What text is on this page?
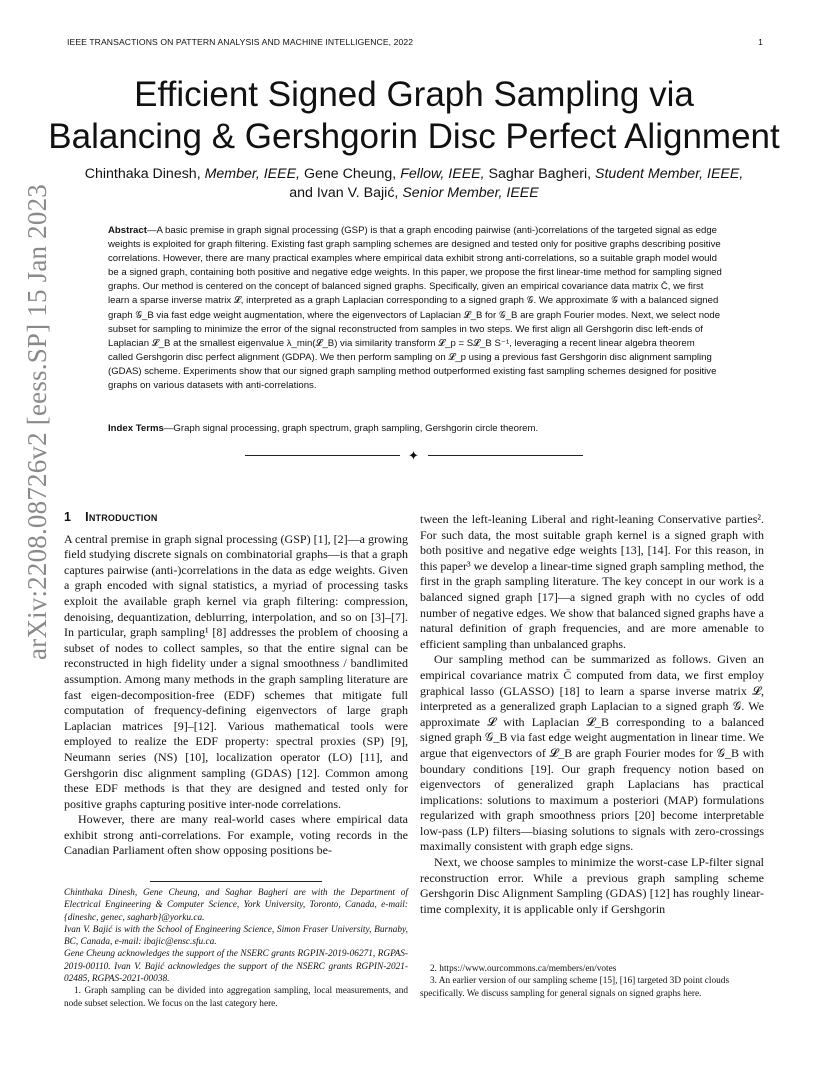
IEEE TRANSACTIONS ON PATTERN ANALYSIS AND MACHINE INTELLIGENCE, 2022	1
arXiv:2208.08726v2 [eess.SP] 15 Jan 2023
Efficient Signed Graph Sampling via
Balancing & Gershgorin Disc Perfect Alignment
Chinthaka Dinesh, Member, IEEE, Gene Cheung, Fellow, IEEE, Saghar Bagheri, Student Member, IEEE,
and Ivan V. Bajić, Senior Member, IEEE
Abstract—A basic premise in graph signal processing (GSP) is that a graph encoding pairwise (anti-)correlations of the targeted signal as edge weights is exploited for graph filtering. Existing fast graph sampling schemes are designed and tested only for positive graphs describing positive correlations. However, there are many practical examples where empirical data exhibit strong anti-correlations, so a suitable graph model would be a signed graph, containing both positive and negative edge weights. In this paper, we propose the first linear-time method for sampling signed graphs. Our method is centered on the concept of balanced signed graphs. Specifically, given an empirical covariance data matrix C̄, we first learn a sparse inverse matrix 𝓛, interpreted as a graph Laplacian corresponding to a signed graph 𝒢. We approximate 𝒢 with a balanced signed graph 𝒢_B via fast edge weight augmentation, where the eigenvectors of Laplacian 𝓛_B for 𝒢_B are graph Fourier modes. Next, we select node subset for sampling to minimize the error of the signal reconstructed from samples in two steps. We first align all Gershgorin disc left-ends of Laplacian 𝓛_B at the smallest eigenvalue λ_min(𝓛_B) via similarity transform 𝓛_p = S𝓛_B S⁻¹, leveraging a recent linear algebra theorem called Gershgorin disc perfect alignment (GDPA). We then perform sampling on 𝓛_p using a previous fast Gershgorin disc alignment sampling (GDAS) scheme. Experiments show that our signed graph sampling method outperformed existing fast sampling schemes designed for positive graphs on various datasets with anti-correlations.
Index Terms—Graph signal processing, graph spectrum, graph sampling, Gershgorin circle theorem.
✦
1 Introduction

A central premise in graph signal processing (GSP) [1], [2]—a growing field studying discrete signals on combinatorial graphs—is that a graph captures pairwise (anti-)correlations in the data as edge weights. Given a graph encoded with signal statistics, a myriad of processing tasks exploit the available graph kernel via graph filtering: compression, denoising, dequantization, deblurring, interpolation, and so on [3]–[7]. In particular, graph sampling¹ [8] addresses the problem of choosing a subset of nodes to collect samples, so that the entire signal can be reconstructed in high fidelity under a signal smoothness / bandlimited assumption. Among many methods in the graph sampling literature are fast eigen-decomposition-free (EDF) schemes that mitigate full computation of frequency-defining eigenvectors of large graph Laplacian matrices [9]–[12]. Various mathematical tools were employed to realize the EDF property: spectral proxies (SP) [9], Neumann series (NS) [10], localization operator (LO) [11], and Gershgorin disc alignment sampling (GDAS) [12]. Common among these EDF methods is that they are designed and tested only for positive graphs capturing positive inter-node correlations.

However, there are many real-world cases where empirical data exhibit strong anti-correlations. For example, voting records in the Canadian Parliament often show opposing positions be-

tween the left-leaning Liberal and right-leaning Conservative parties². For such data, the most suitable graph kernel is a signed graph with both positive and negative edge weights [13], [14]. For this reason, in this paper³ we develop a linear-time signed graph sampling method, the first in the graph sampling literature. The key concept in our work is a balanced signed graph [17]—a signed graph with no cycles of odd number of negative edges. We show that balanced signed graphs have a natural definition of graph frequencies, and are more amenable to efficient sampling than unbalanced graphs.

Our sampling method can be summarized as follows. Given an empirical covariance matrix C̄ computed from data, we first employ graphical lasso (GLASSO) [18] to learn a sparse inverse matrix 𝓛, interpreted as a generalized graph Laplacian to a signed graph 𝒢. We approximate 𝓛 with Laplacian 𝓛_B corresponding to a balanced signed graph 𝒢_B via fast edge weight augmentation in linear time. We argue that eigenvectors of 𝓛_B are graph Fourier modes for 𝒢_B with boundary conditions [19]. Our graph frequency notion based on eigenvectors of generalized graph Laplacians has practical implications: solutions to maximum a posteriori (MAP) formulations regularized with graph smoothness priors [20] become interpretable low-pass (LP) filters—biasing solutions to signals with zero-crossings maximally consistent with graph edge signs.

Next, we choose samples to minimize the worst-case LP-filter signal reconstruction error. While a previous graph sampling scheme Gershgorin Disc Alignment Sampling (GDAS) [12] has roughly linear-time complexity, it is applicable only if Gershgorin

Chinthaka Dinesh, Gene Cheung, and Saghar Bagheri are with the Department of Electrical Engineering & Computer Science, York University, Toronto, Canada, e-mail: {dineshc, genec, sagharb}@yorku.ca.

Ivan V. Bajić is with the School of Engineering Science, Simon Fraser University, Burnaby, BC, Canada, e-mail: ibajic@ensc.sfu.ca.

Gene Cheung acknowledges the support of the NSERC grants RGPIN-2019-06271, RGPAS-2019-00110. Ivan V. Bajić acknowledges the support of the NSERC grants RGPIN-2021-02485, RGPAS-2021-00038.

1. Graph sampling can be divided into aggregation sampling, local measurements, and node subset selection. We focus on the last category here.

2. https://www.ourcommons.ca/members/en/votes

3. An earlier version of our sampling scheme [15], [16] targeted 3D point clouds specifically. We discuss sampling for general signals on signed graphs here.
